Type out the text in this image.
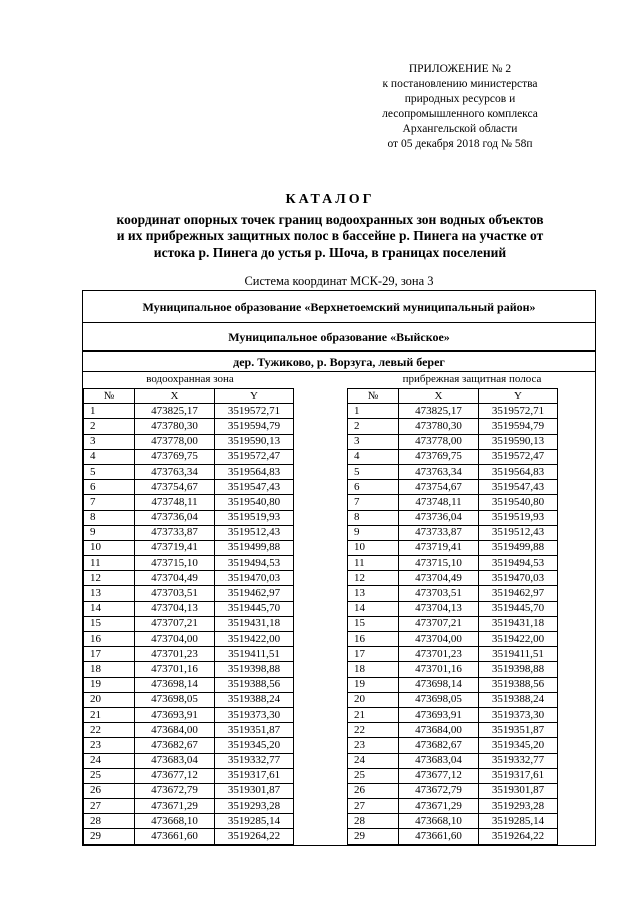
ПРИЛОЖЕНИЕ № 2
к постановлению министерства
природных ресурсов и
лесопромышленного комплекса
Архангельской области
от 05 декабря 2018 год № 58п
КАТАЛОГ
координат опорных точек границ водоохранных зон водных объектов
и их прибрежных защитных полос в бассейне р. Пинега на участке от
истока р. Пинега до устья р. Шоча, в границах поселений
Система координат МСК-29, зона 3
Муниципальное образование «Верхнетоемский муниципальный район»
Муниципальное образование «Выйское»
дер. Тужиково, р. Ворзуга, левый берег
водоохранная зона	прибрежная защитная полоса
№	X	Y
1	473825,17	3519572,71
2	473780,30	3519594,79
3	473778,00	3519590,13
4	473769,75	3519572,47
5	473763,34	3519564,83
6	473754,67	3519547,43
7	473748,11	3519540,80
8	473736,04	3519519,93
9	473733,87	3519512,43
10	473719,41	3519499,88
11	473715,10	3519494,53
12	473704,49	3519470,03
13	473703,51	3519462,97
14	473704,13	3519445,70
15	473707,21	3519431,18
16	473704,00	3519422,00
17	473701,23	3519411,51
18	473701,16	3519398,88
19	473698,14	3519388,56
20	473698,05	3519388,24
21	473693,91	3519373,30
22	473684,00	3519351,87
23	473682,67	3519345,20
24	473683,04	3519332,77
25	473677,12	3519317,61
26	473672,79	3519301,87
27	473671,29	3519293,28
28	473668,10	3519285,14
29	473661,60	3519264,22
№	X	Y
1	473825,17	3519572,71
2	473780,30	3519594,79
3	473778,00	3519590,13
4	473769,75	3519572,47
5	473763,34	3519564,83
6	473754,67	3519547,43
7	473748,11	3519540,80
8	473736,04	3519519,93
9	473733,87	3519512,43
10	473719,41	3519499,88
11	473715,10	3519494,53
12	473704,49	3519470,03
13	473703,51	3519462,97
14	473704,13	3519445,70
15	473707,21	3519431,18
16	473704,00	3519422,00
17	473701,23	3519411,51
18	473701,16	3519398,88
19	473698,14	3519388,56
20	473698,05	3519388,24
21	473693,91	3519373,30
22	473684,00	3519351,87
23	473682,67	3519345,20
24	473683,04	3519332,77
25	473677,12	3519317,61
26	473672,79	3519301,87
27	473671,29	3519293,28
28	473668,10	3519285,14
29	473661,60	3519264,22
